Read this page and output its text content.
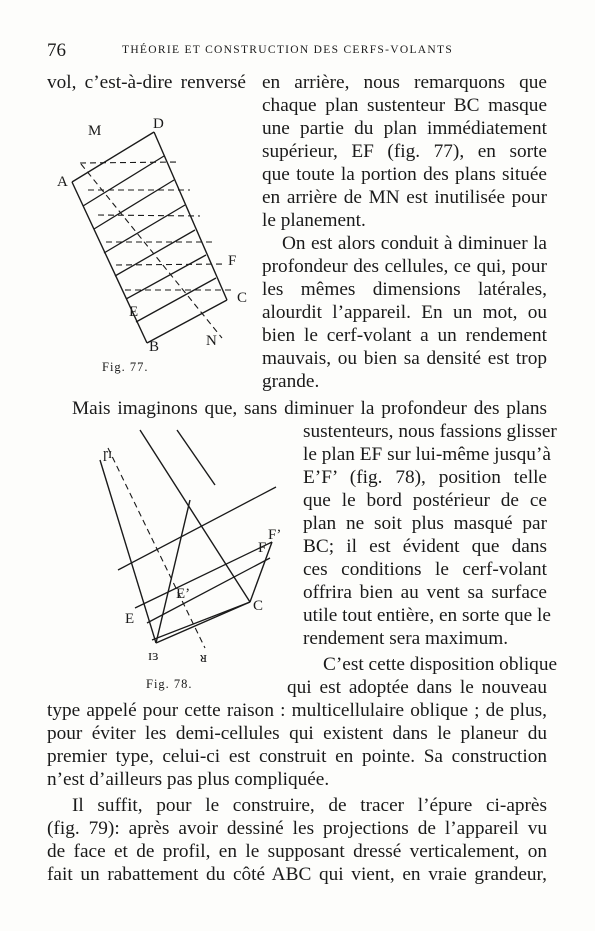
76	THÉORIE ET CONSTRUCTION DES CERFS-VOLANTS
vol, c’est-à-dire renversé en arrière, nous remarquons que
chaque plan sustenteur BC masque
une partie du plan immédiatement
supérieur, EF (fig. 77), en sorte
que toute la portion des plans située
en arrière de MN est inutilisée pour
le planement.
On est alors conduit à diminuer la
profondeur des cellules, ce qui, pour
les mêmes dimensions latérales,
alourdit l’appareil. En un mot, ou
bien le cerf-volant a un rendement
mauvais, ou bien sa densité est trop
grande.
Mais imaginons que, sans diminuer la profondeur des plans
sustenteurs, nous fassions glisser
le plan EF sur lui-même jusqu’à
E’F’ (fig. 78), position telle
que le bord postérieur de ce
plan ne soit plus masqué par
BC; il est évident que dans
ces conditions le cerf-volant
offrira bien au vent sa surface
utile tout entière, en sorte que le
rendement sera maximum.
C’est cette disposition oblique
qui est adoptée dans le nouveau
type appelé pour cette raison : multicellulaire oblique ; de plus,
pour éviter les demi-cellules qui existent dans le planeur du
premier type, celui-ci est construit en pointe. Sa construction
n’est d’ailleurs pas plus compliquée.
Il suffit, pour le construire, de tracer l’épure ci-après
(fig. 79): après avoir dessiné les projections de l’appareil vu
de face et de profil, en le supposant dressé verticalement, on
fait un rabattement du côté ABC qui vient, en vraie grandeur,
M	D
A
F
C
E
B	N
Fig. 77.
ɼɪ
F
F’
E’
E
C
ɪɜ	ᴚ
Fig. 78.
